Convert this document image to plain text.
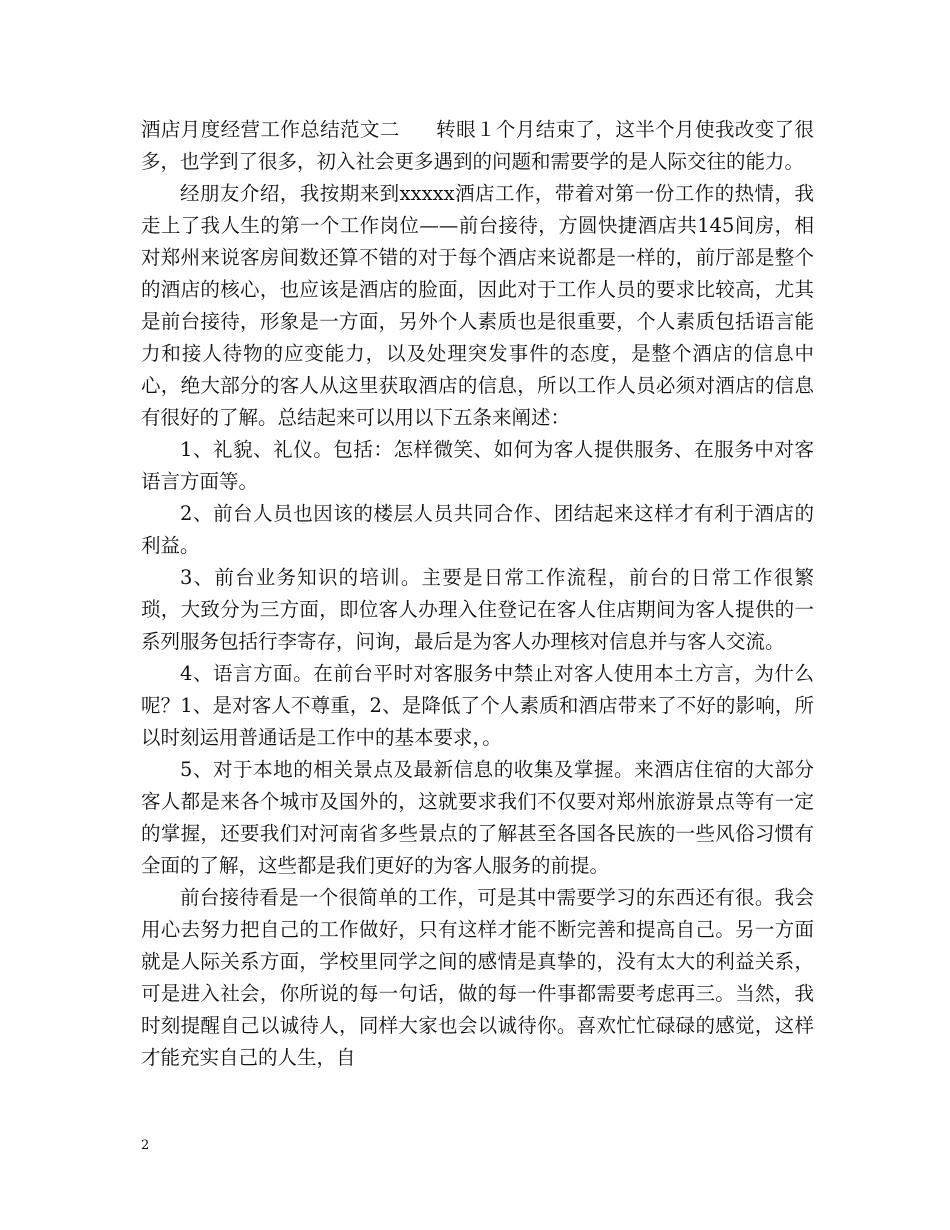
酒店月度经营工作总结范文二 转眼１个月结束了，这半个月使我改变了很多，也学到了很多，初入社会更多遇到的问题和需要学的是人际交往的能力。

经朋友介绍，我按期来到xxxxx酒店工作，带着对第一份工作的热情，我走上了我人生的第一个工作岗位——前台接待，方圆快捷酒店共145间房，相对郑州来说客房间数还算不错的对于每个酒店来说都是一样的，前厅部是整个的酒店的核心，也应该是酒店的脸面，因此对于工作人员的要求比较高，尤其是前台接待，形象是一方面，另外个人素质也是很重要，个人素质包括语言能力和接人待物的应变能力，以及处理突发事件的态度，是整个酒店的信息中心，绝大部分的客人从这里获取酒店的信息，所以工作人员必须对酒店的信息有很好的了解。总结起来可以用以下五条来阐述：

1、礼貌、礼仪。包括：怎样微笑、如何为客人提供服务、在服务中对客语言方面等。

2、前台人员也因该的楼层人员共同合作、团结起来这样才有利于酒店的利益。

3、前台业务知识的培训。主要是日常工作流程，前台的日常工作很繁琐，大致分为三方面，即位客人办理入住登记在客人住店期间为客人提供的一系列服务包括行李寄存，问询，最后是为客人办理核对信息并与客人交流。

4、语言方面。在前台平时对客服务中禁止对客人使用本土方言，为什么呢？1、是对客人不尊重，2、是降低了个人素质和酒店带来了不好的影响，所以时刻运用普通话是工作中的基本要求，。

5、对于本地的相关景点及最新信息的收集及掌握。来酒店住宿的大部分客人都是来各个城市及国外的，这就要求我们不仅要对郑州旅游景点等有一定的掌握，还要我们对河南省多些景点的了解甚至各国各民族的一些风俗习惯有全面的了解，这些都是我们更好的为客人服务的前提。

前台接待看是一个很简单的工作，可是其中需要学习的东西还有很。我会用心去努力把自己的工作做好，只有这样才能不断完善和提高自己。另一方面就是人际关系方面，学校里同学之间的感情是真挚的，没有太大的利益关系，可是进入社会，你所说的每一句话，做的每一件事都需要考虑再三。当然，我时刻提醒自己以诚待人，同样大家也会以诚待你。喜欢忙忙碌碌的感觉，这样才能充实自己的人生，自

2
